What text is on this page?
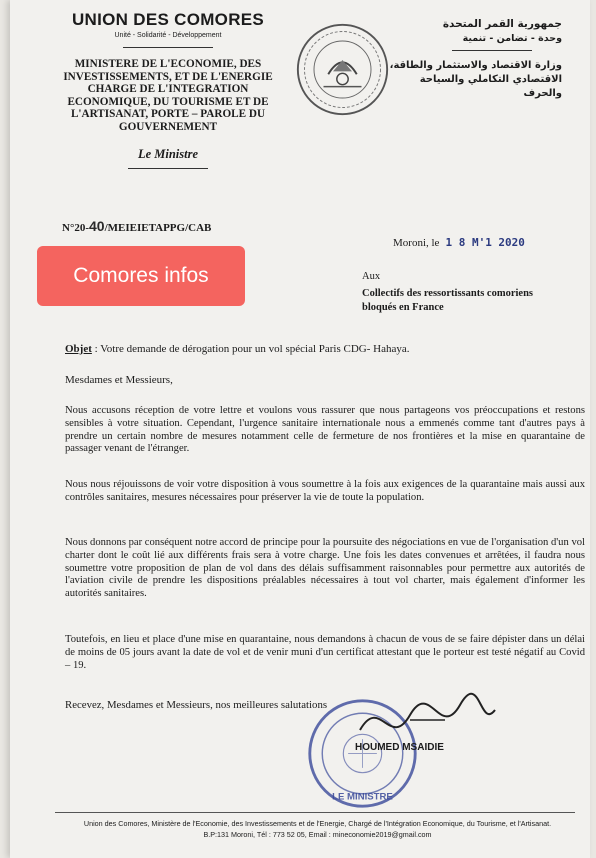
UNION DES COMORES
Unité - Solidarité - Développement
MINISTERE DE L'ECONOMIE, DES INVESTISSEMENTS, ET DE L'ENERGIE CHARGE DE L'INTEGRATION ECONOMIQUE, DU TOURISME ET DE L'ARTISANAT, PORTE – PAROLE DU GOUVERNEMENT
Le Ministre
N°20-40/MEIEIETAPPG/CAB
جمهورية القمر المتحدة
وحدة - تضامن - تنمية
وزارة الاقتصاد والاستثمار والطاقة، الاقتصادي التكاملي والسياحة والحرف
Comores infos
Moroni, le 1 8 M'1 2020
Aux
Collectifs des ressortissants comoriens bloqués en France
Objet : Votre demande de dérogation pour un vol spécial Paris CDG- Hahaya.
Mesdames et Messieurs,
Nous accusons réception de votre lettre et voulons vous rassurer que nous partageons vos préoccupations et restons sensibles à votre situation. Cependant, l'urgence sanitaire internationale nous a emmenés comme tant d'autres pays à prendre un certain nombre de mesures notamment celle de fermeture de nos frontières et la mise en quarantaine de passager venant de l'étranger.
Nous nous réjouissons de voir votre disposition à vous soumettre à la fois aux exigences de la quarantaine mais aussi aux contrôles sanitaires, mesures nécessaires pour préserver la vie de toute la population.
Nous donnons par conséquent notre accord de principe pour la poursuite des négociations en vue de l'organisation d'un vol charter dont le coût lié aux différents frais sera à votre charge. Une fois les dates convenues et arrêtées, il faudra nous soumettre votre proposition de plan de vol dans des délais suffisamment raisonnables pour permettre aux autorités de l'aviation civile de prendre les dispositions préalables nécessaires à tout vol charter, mais également d'informer les autorités sanitaires.
Toutefois, en lieu et place d'une mise en quarantaine, nous demandons à chacun de vous de se faire dépister dans un délai de moins de 05 jours avant la date de vol et de venir muni d'un certificat attestant que le porteur est testé négatif au Covid – 19.
Recevez, Mesdames et Messieurs, nos meilleures salutations
LE MINISTRE
HOUMED MSAIDIE
Union des Comores, Ministère de l'Economie, des Investissements et de l'Energie, Chargé de l'Intégration Economique, du Tourisme, et l'Artisanat.
B.P:131 Moroni, Tél : 773 52 05, Email : mineconomie2019@gmail.com
